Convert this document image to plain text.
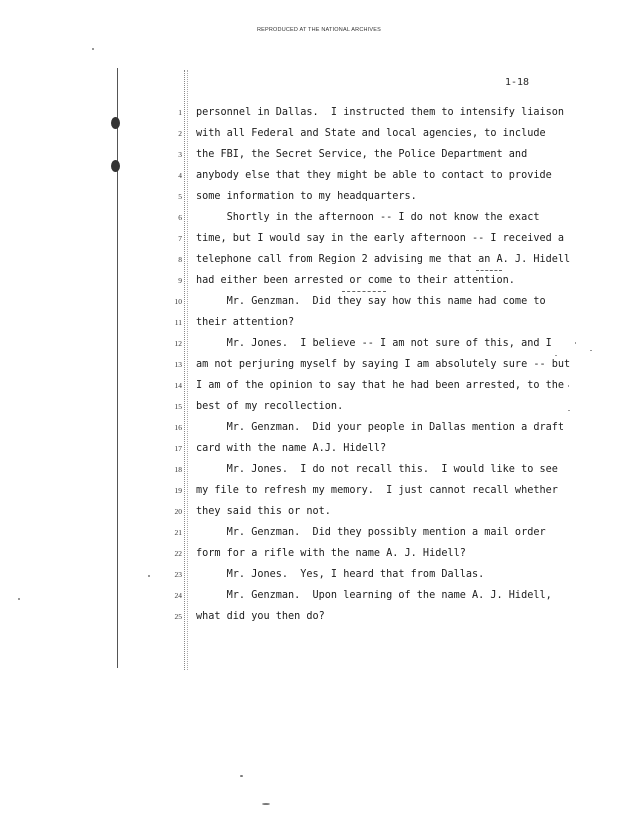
REPRODUCED AT THE NATIONAL ARCHIVES
1-18
1
2
3
4
5
6
7
8
9
10
11
12
13
14
15
16
17
18
19
20
21
22
23
24
25
personnel in Dallas.  I instructed them to intensify liaison
with all Federal and State and local agencies, to include
the FBI, the Secret Service, the Police Department and
anybody else that they might be able to contact to provide
some information to my headquarters.
Shortly in the afternoon -- I do not know the exact
time, but I would say in the early afternoon -- I received a
telephone call from Region 2 advising me that an A. J. Hidell
had either been arrested or come to their attention.
Mr. Genzman.  Did they say how this name had come to
their attention?
Mr. Jones.  I believe -- I am not sure of this, and I
am not perjuring myself by saying I am absolutely sure -- but
I am of the opinion to say that he had been arrested, to the
best of my recollection.
Mr. Genzman.  Did your people in Dallas mention a draft
card with the name A.J. Hidell?
Mr. Jones.  I do not recall this.  I would like to see
my file to refresh my memory.  I just cannot recall whether
they said this or not.
Mr. Genzman.  Did they possibly mention a mail order
form for a rifle with the name A. J. Hidell?
Mr. Jones.  Yes, I heard that from Dallas.
Mr. Genzman.  Upon learning of the name A. J. Hidell,
what did you then do?
